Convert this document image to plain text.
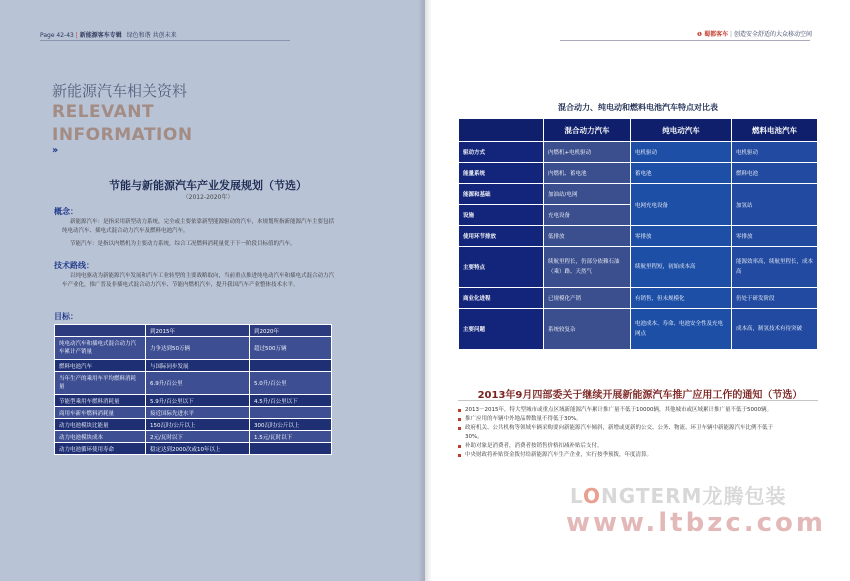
Page 42-43 | 新能源客车专辑 绿色和谐 共创未来
新能源汽车相关资料
RELEVANT
INFORMATION
››
节能与新能源汽车产业发展规划（节选）
（2012-2020年）
概念：
新能源汽车：是指采用新型动力系统，完全或主要依靠新型能源驱动的汽车，本规划所指新能源汽车主要包括纯电动汽车、插电式混合动力汽车及燃料电池汽车。
节能汽车：是指以内燃机为主要动力系统，综合工况燃料消耗量优于下一阶段目标值的汽车。
技术路线：
以纯电驱动为新能源汽车发展和汽车工业转型的主要战略取向，当前重点推进纯电动汽车和插电式混合动力汽车产业化，推广普及非插电式混合动力汽车、节能内燃机汽车，提升我国汽车产业整体技术水平。
目标：
	到2015年	到2020年
纯电动汽车和插电式混合动力汽车累计产销量	力争达到50万辆	超过500万辆
燃料电池汽车	与国际同步发展	
当年生产的乘用车平均燃料消耗量	6.9升/百公里	5.0升/百公里
节能型乘用车燃料消耗量	5.9升/百公里以下	4.5升/百公里以下
商用车新车燃料消耗量	接近国际先进水平	
动力电池模块比能量	150瓦时/公斤以上	300瓦时/公斤以上
动力电池模块成本	2元/瓦时以下	1.5元/瓦时以下
动力电池循环使用寿命	稳定达到2000次或10年以上	
❶ 蜀都客车 | 创造安全舒适的大众移动空间
混合动力、纯电动和燃料电池汽车特点对比表
	混合动力汽车	纯电动汽车	燃料电池汽车
驱动方式	内燃机+电机驱动	电机驱动	电机驱动
能量系统	内燃机、蓄电池	蓄电池	燃料电池
能源和基础	加油站/电网	电网充电设备	加氢站
设施	充电设备		
使用环节排放	低排放	零排放	零排放
主要特点	续航里程长，仍部分依赖石油（乘）路、天然气	续航里程短，初始成本高	能源效率高，续航里程长，成本高
商业化进程	已规模化产销	有销售，但未规模化	仍处于研发阶段
主要问题	系统较复杂	电池成本、寿命、电池安全性及充电网点	成本高，制氢技术有待突破
2013年9月四部委关于继续开展新能源汽车推广应用工作的通知（节选）
2013－2015年，特大型城市或重点区域新能源汽车累计推广量不低于10000辆，其他城市或区域累计推广量不低于5000辆。
推广应用的车辆中外地品牌数量不得低于30%。
政府机关、公共机构等领域车辆采购要向新能源汽车倾斜，新增或更新的公交、公务、物流、环卫车辆中新能源汽车比例不低于30%。
补助对象是消费者，消费者按销售价格扣减补贴后支付。
中央财政将补贴资金拨付给新能源汽车生产企业，实行按季预拨，年度清算。
LONGTERM龙腾包装
www.ltbzc.com
